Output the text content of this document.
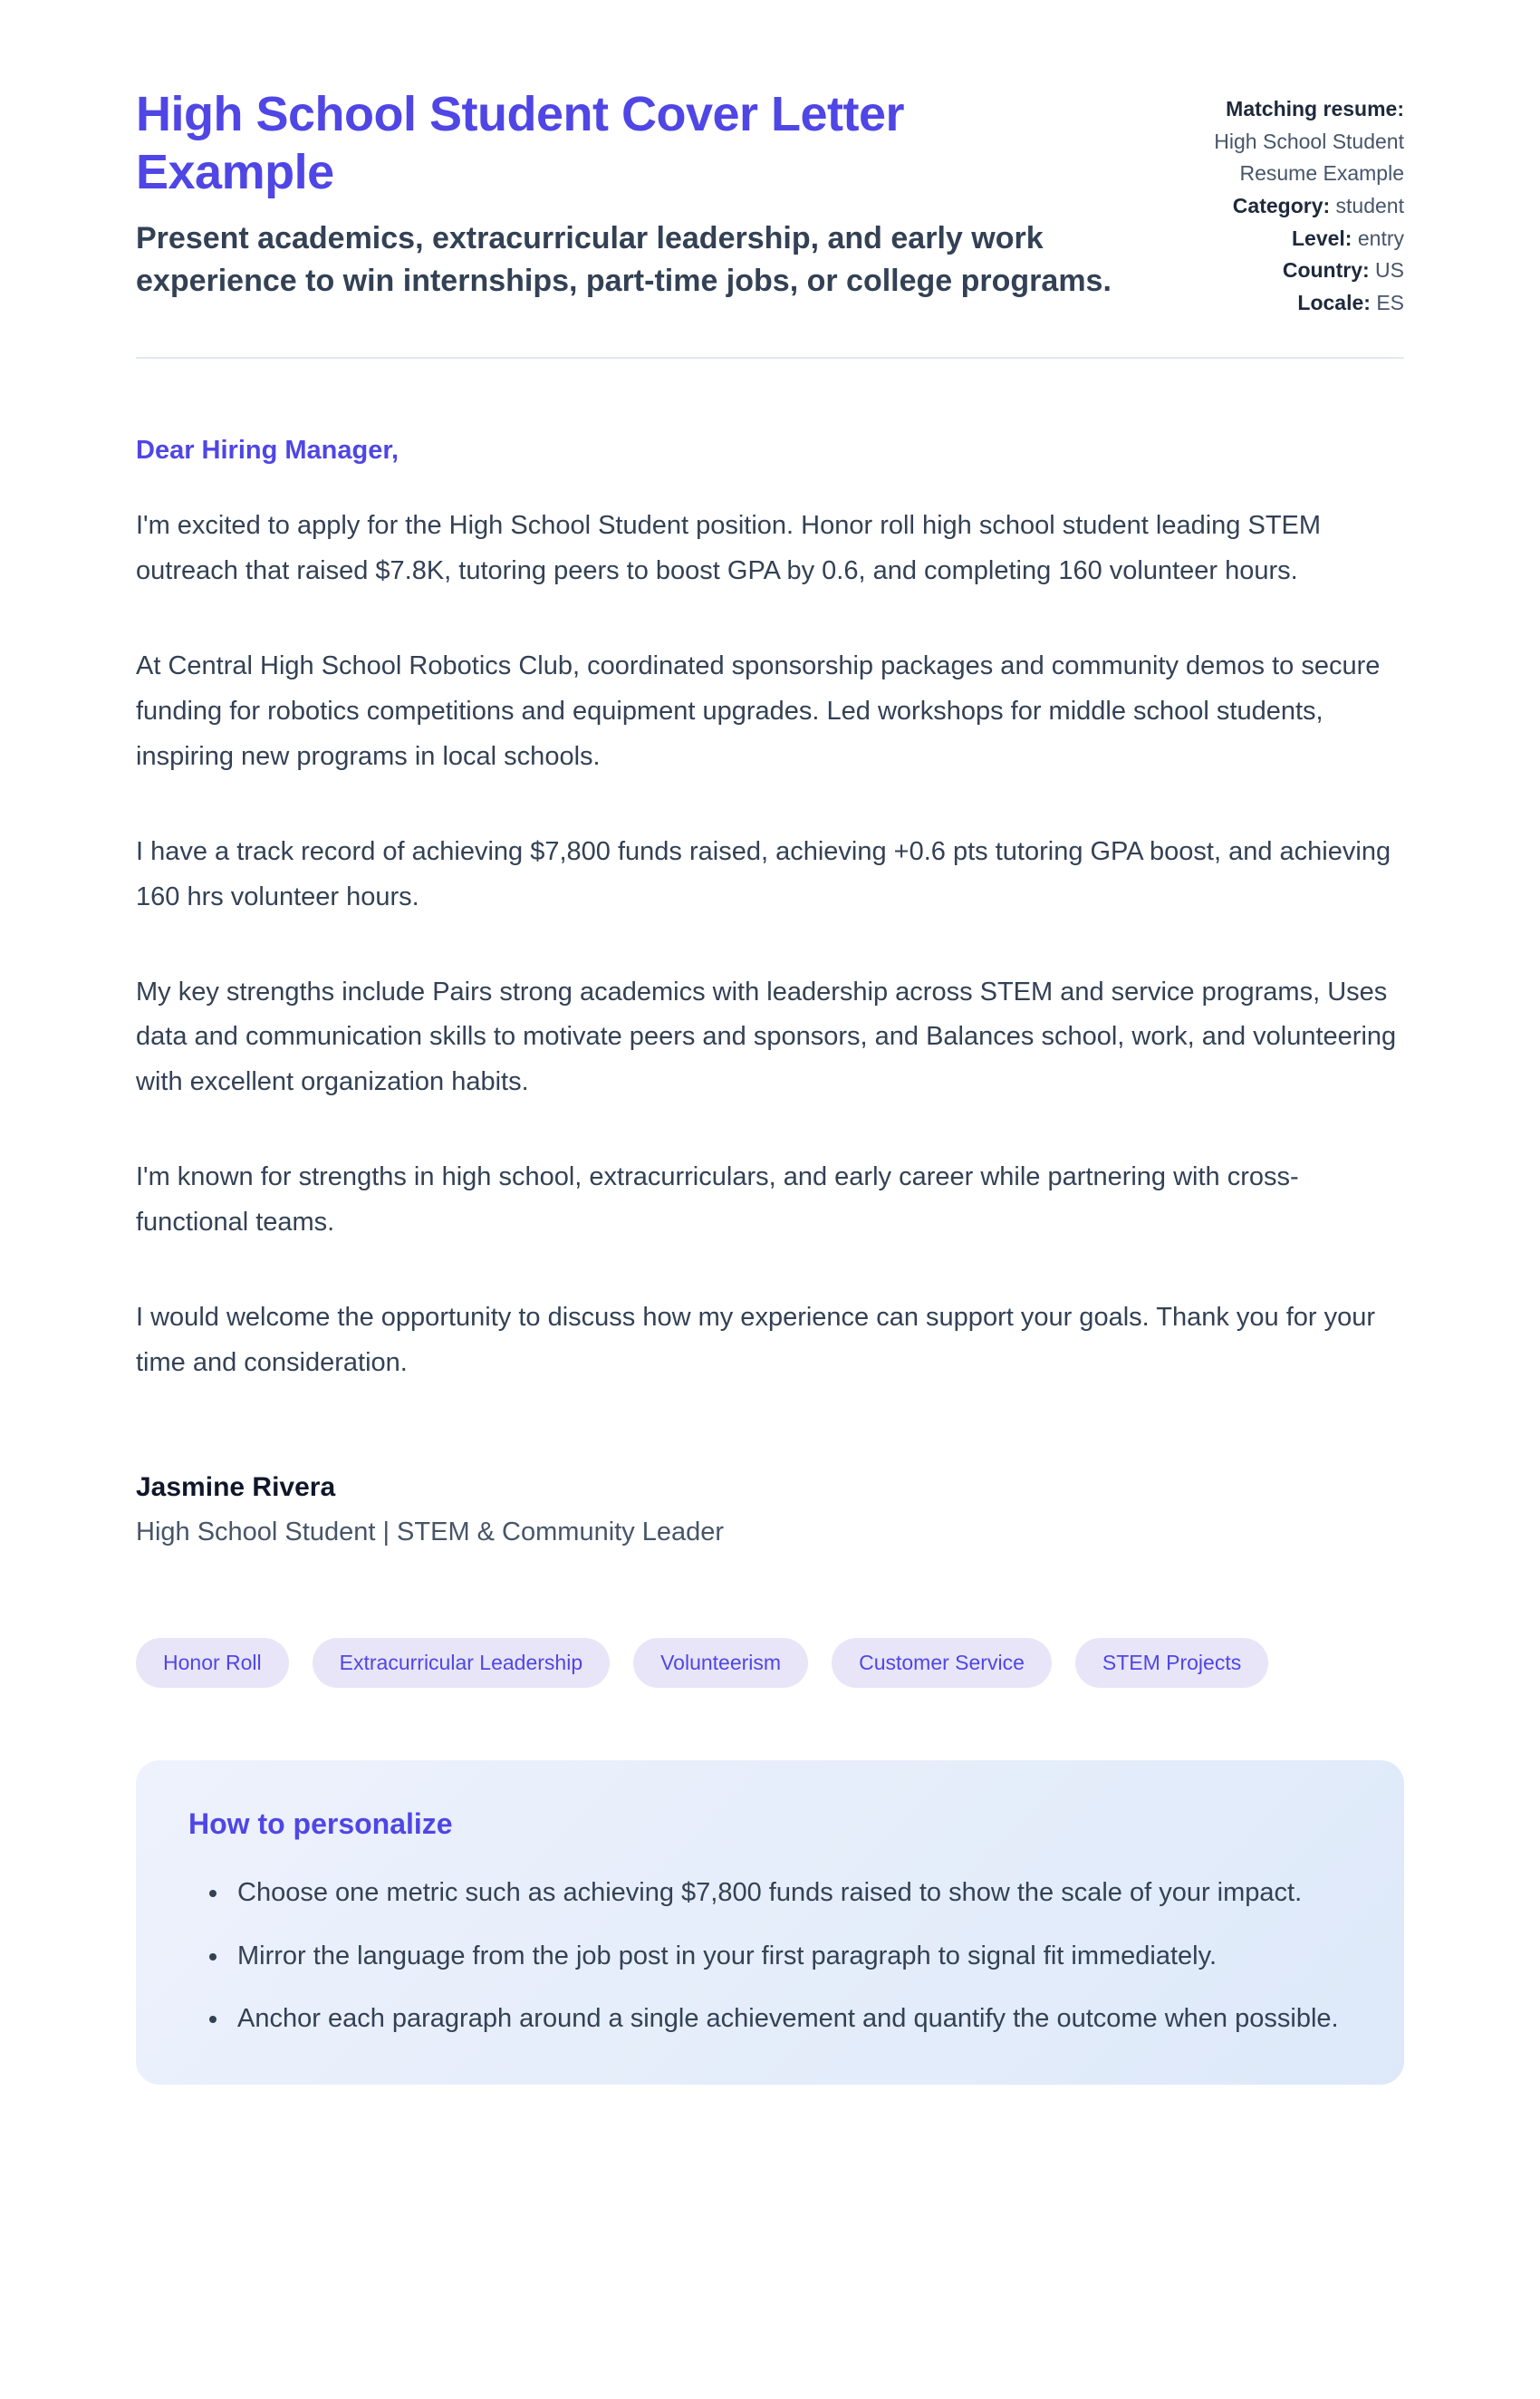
High School Student Cover Letter Example

Present academics, extracurricular leadership, and early work experience to win internships, part-time jobs, or college programs.

Matching resume:
High School Student Resume Example
Category: student
Level: entry
Country: US
Locale: ES

Dear Hiring Manager,

I'm excited to apply for the High School Student position. Honor roll high school student leading STEM outreach that raised $7.8K, tutoring peers to boost GPA by 0.6, and completing 160 volunteer hours.

At Central High School Robotics Club, coordinated sponsorship packages and community demos to secure funding for robotics competitions and equipment upgrades. Led workshops for middle school students, inspiring new programs in local schools.

I have a track record of achieving $7,800 funds raised, achieving +0.6 pts tutoring GPA boost, and achieving 160 hrs volunteer hours.

My key strengths include Pairs strong academics with leadership across STEM and service programs, Uses data and communication skills to motivate peers and sponsors, and Balances school, work, and volunteering with excellent organization habits.

I'm known for strengths in high school, extracurriculars, and early career while partnering with cross-functional teams.

I would welcome the opportunity to discuss how my experience can support your goals. Thank you for your time and consideration.

Jasmine Rivera

High School Student | STEM & Community Leader

Honor Roll	Extracurricular Leadership	Volunteerism	Customer Service	STEM Projects
How to personalize
• Choose one metric such as achieving $7,800 funds raised to show the scale of your impact.
• Mirror the language from the job post in your first paragraph to signal fit immediately.
• Anchor each paragraph around a single achievement and quantify the outcome when possible.
